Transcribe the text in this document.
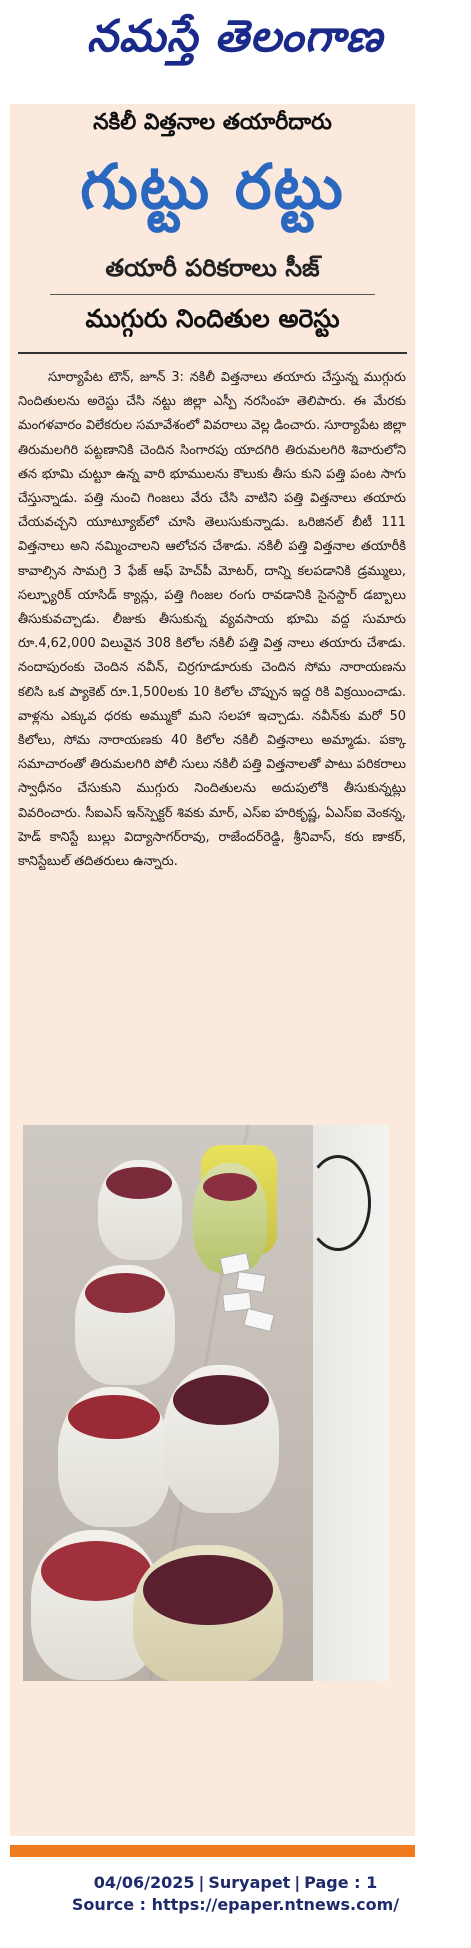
నమస్తే తెలంగాణ
నకిలీ విత్తనాల తయారీదారు
గుట్టు రట్టు
తయారీ పరికరాలు సీజ్
ముగ్గురు నిందితుల అరెస్టు

సూర్యాపేట టౌన్, జూన్ 3: నకిలీ విత్తనాలు తయారు చేస్తున్న ముగ్గురు నిందితులను అరెస్టు చేసి నట్టు జిల్లా ఎస్పీ నరసింహ తెలిపారు. ఈ మేరకు మంగళవారం విలేకరుల సమావేశంలో వివరాలు వెల్ల డించారు. సూర్యాపేట జిల్లా తిరుమలగిరి పట్టణానికి చెందిన సింగారపు యాదగిరి తిరుమలగిరి శివారులోని తన భూమి చుట్టూ ఉన్న వారి భూములను కౌలుకు తీసు కుని పత్తి పంట సాగు చేస్తున్నాడు. పత్తి నుంచి గింజలు వేరు చేసి వాటిని పత్తి విత్తనాలు తయారు చేయవచ్చని యూట్యూబ్‌లో చూసి తెలుసుకున్నాడు. ఒరిజినల్ బీటీ 111 విత్తనాలు అని నమ్మించాలని ఆలోచన చేశాడు. నకిలీ పత్తి విత్తనాల తయారీకి కావాల్సిన సామగ్రి 3 ఫేజ్ ఆఫ్ హెచ్‌పీ మోటర్, దాన్ని కలపడానికి డ్రమ్ములు, సల్ఫ్యూరిక్ యాసిడ్ క్యాన్లు, పత్తి గింజల రంగు రావడానికి సైనస్టార్ డబ్బాలు తీసుకువచ్చాడు. లీజుకు తీసుకున్న వ్యవసాయ భూమి వద్ద సుమారు రూ.4,62,000 విలువైన 308 కిలోల నకిలీ పత్తి విత్త నాలు తయారు చేశాడు. నందాపురంకు చెందిన నవీన్, చిర్రగూడూరుకు చెందిన సోమ నారాయణను కలిసి ఒక ప్యాకెట్ రూ.1,500లకు 10 కిలోల చొప్పున ఇద్ద రికి విక్రయించాడు. వాళ్లను ఎక్కువ ధరకు అమ్ముకో మని సలహా ఇచ్చాడు. నవీన్‌కు మరో 50 కిలోలు, సోమ నారాయణకు 40 కిలోల నకిలీ విత్తనాలు అమ్మాడు. పక్కా సమాచారంతో తిరుమలగిరి పోలీ సులు నకిలీ పత్తి విత్తనాలతో పాటు పరికరాలు స్వాధీనం చేసుకుని ముగ్గురు నిందితులను అదుపులోకి తీసుకున్నట్లు వివరించారు. సీఐఎస్ ఇన్‌స్పెక్టర్ శివకు మార్, ఎస్ఐ హరికృష్ణ, ఏఎస్ఐ వెంకన్న, హెడ్ కానిస్టే బుల్లు విద్యాసాగర్‌రావు, రాజేందర్‌రెడ్డి, శ్రీనివాస్, కరు ణాకర్, కానిస్టేబుల్ తదితరులు ఉన్నారు.

04/06/2025 | Suryapet | Page : 1
Source : https://epaper.ntnews.com/
